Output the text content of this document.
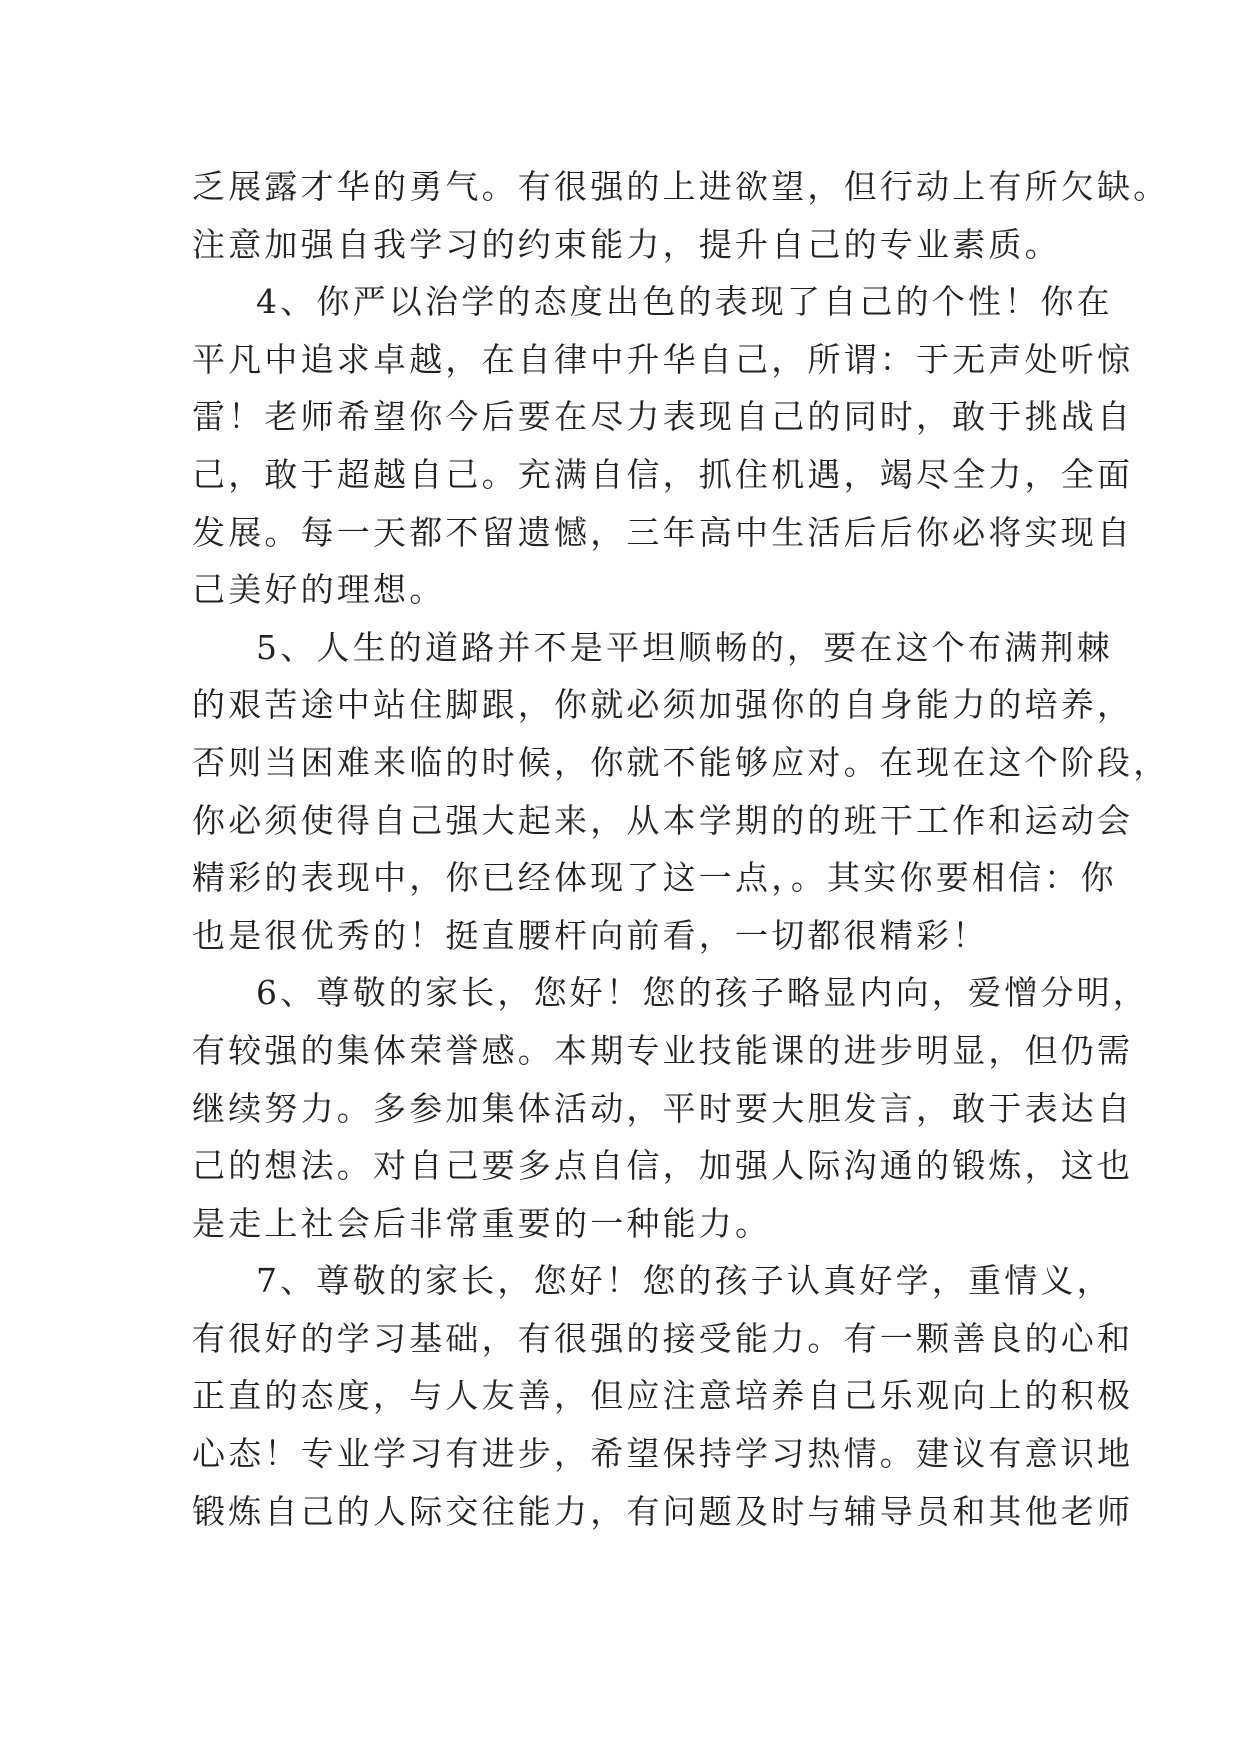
乏展露才华的勇气。有很强的上进欲望，但行动上有所欠缺。
注意加强自我学习的约束能力，提升自己的专业素质。
4、你严以治学的态度出色的表现了自己的个性！你在
平凡中追求卓越，在自律中升华自己，所谓：于无声处听惊
雷！老师希望你今后要在尽力表现自己的同时，敢于挑战自
己，敢于超越自己。充满自信，抓住机遇，竭尽全力，全面
发展。每一天都不留遗憾，三年高中生活后后你必将实现自
己美好的理想。
5、人生的道路并不是平坦顺畅的，要在这个布满荆棘
的艰苦途中站住脚跟，你就必须加强你的自身能力的培养，
否则当困难来临的时候，你就不能够应对。在现在这个阶段，
你必须使得自己强大起来，从本学期的的班干工作和运动会
精彩的表现中，你已经体现了这一点，。其实你要相信：你
也是很优秀的！挺直腰杆向前看，一切都很精彩！
6、尊敬的家长，您好！您的孩子略显内向，爱憎分明，
有较强的集体荣誉感。本期专业技能课的进步明显，但仍需
继续努力。多参加集体活动，平时要大胆发言，敢于表达自
己的想法。对自己要多点自信，加强人际沟通的锻炼，这也
是走上社会后非常重要的一种能力。
7、尊敬的家长，您好！您的孩子认真好学，重情义，
有很好的学习基础，有很强的接受能力。有一颗善良的心和
正直的态度，与人友善，但应注意培养自己乐观向上的积极
心态！专业学习有进步，希望保持学习热情。建议有意识地
锻炼自己的人际交往能力，有问题及时与辅导员和其他老师
